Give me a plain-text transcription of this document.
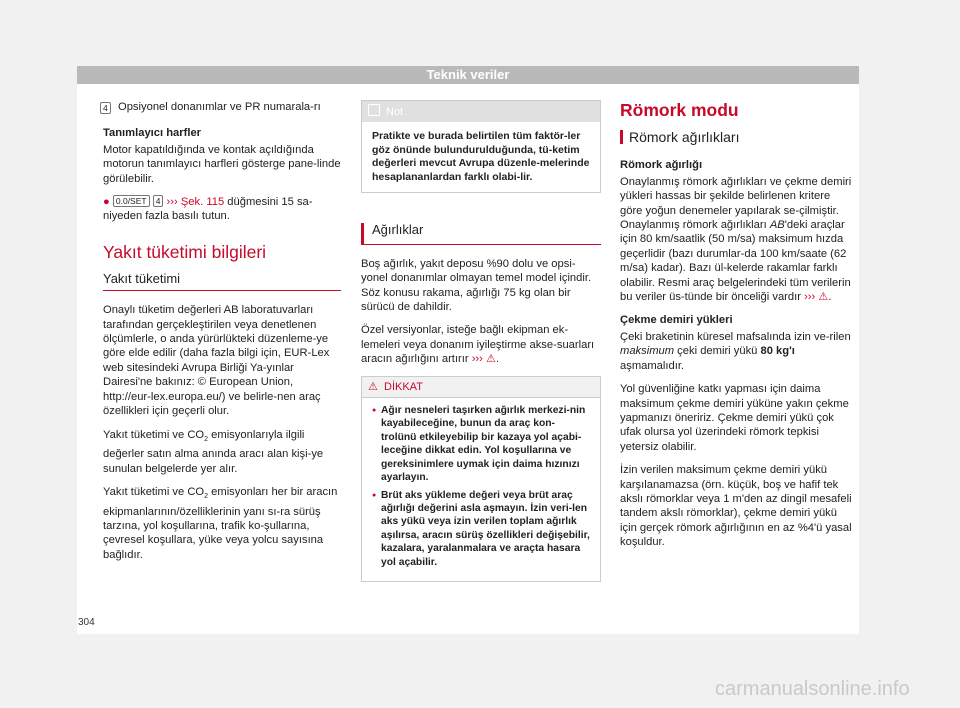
Teknik veriler
4 Opsiyonel donanımlar ve PR numarala-rı

Tanımlayıcı harfler

Motor kapatıldığında ve kontak açıldığında motorun tanımlayıcı harfleri gösterge pane-linde görülebilir.

● 0.0/SET 4 ››› Şek. 115 düğmesini 15 sa-niyeden fazla basılı tutun.

Yakıt tüketimi bilgileri
Yakıt tüketimi

Onaylı tüketim değerleri AB laboratuvarları tarafından gerçekleştirilen veya denetlenen ölçümlerle, o anda yürürlükteki düzenleme-ye göre elde edilir (daha fazla bilgi için, EUR-Lex web sitesindeki Avrupa Birliği Ya-yınlar Dairesi'ne bakınız: © European Union, http://eur-lex.europa.eu/) ve belirle-nen araç özellikleri için geçerli olur.

Yakıt tüketimi ve $CO_2$ emisyonlarıyla ilgili değerler satın alma anında aracı alan kişi-ye sunulan belgelerde yer alır.

Yakıt tüketimi ve $CO_2$ emisyonları her bir aracın ekipmanlarının/özelliklerinin yanı sı-ra sürüş tarzına, yol koşullarına, trafik ko-şullarına, çevresel koşullara, yüke veya yolcu sayısına bağlıdır.

Not
Pratikte ve burada belirtilen tüm faktör-ler göz önünde bulundurulduğunda, tü-ketim değerleri mevcut Avrupa düzenle-melerinde hesaplananlardan farklı olabi-lir.
Ağırlıklar

Boş ağırlık, yakıt deposu %90 dolu ve opsi-yonel donanımlar olmayan temel model içindir. Söz konusu rakama, ağırlığı 75 kg olan bir sürücü de dahildir.

Özel versiyonlar, isteğe bağlı ekipman ek-lemeleri veya donanım iyileştirme akse-suarları aracın ağırlığını artırır ››› ⚠.

⚠ DİKKAT
● Ağır nesneleri taşırken ağırlık merkezi-nin kayabileceğine, bunun da araç kon-trolünü etkileyebilip bir kazaya yol açabi-leceğine dikkat edin. Yol koşullarına ve gereksinimlere uymak için daima hızınızı ayarlayın.
● Brüt aks yükleme değeri veya brüt araç ağırlığı değerini asla aşmayın. İzin veri-len aks yükü veya izin verilen toplam ağırlık aşılırsa, aracın sürüş özellikleri değişebilir, kazalara, yaralanmalara ve araçta hasara yol açabilir.
Römork modu
Römork ağırlıkları

Römork ağırlığı

Onaylanmış römork ağırlıkları ve çekme demiri yükleri hassas bir şekilde belirlenen kritere göre yoğun denemeler yapılarak se-çilmiştir. Onaylanmış römork ağırlıkları AB'deki araçlar için 80 km/saatlik (50 m/sa) maksimum hızda geçerlidir (bazı durumlar-da 100 km/saate (62 m/sa) kadar). Bazı ül-kelerde rakamlar farklı olabilir. Resmi araç belgelerindeki tüm verilerin bu veriler üs-tünde bir önceliği vardır ››› ⚠.

Çekme demiri yükleri

Çeki braketinin küresel mafsalında izin ve-rilen maksimum çeki demiri yükü 80 kg'ı aşmamalıdır.

Yol güvenliğine katkı yapması için daima maksimum çekme demiri yüküne yakın çekme yapmanızı öneririz. Çekme demiri yükü çok ufak olursa yol üzerindeki römork tepkisi yetersiz olabilir.

İzin verilen maksimum çekme demiri yükü karşılanamazsa (örn. küçük, boş ve hafif tek akslı römorklar veya 1 m'den az dingil mesafeli tandem akslı römorklar), çekme demiri yükü için gerçek römork ağırlığının en az %4'ü yasal koşuldur.

304
carmanualsonline.info
